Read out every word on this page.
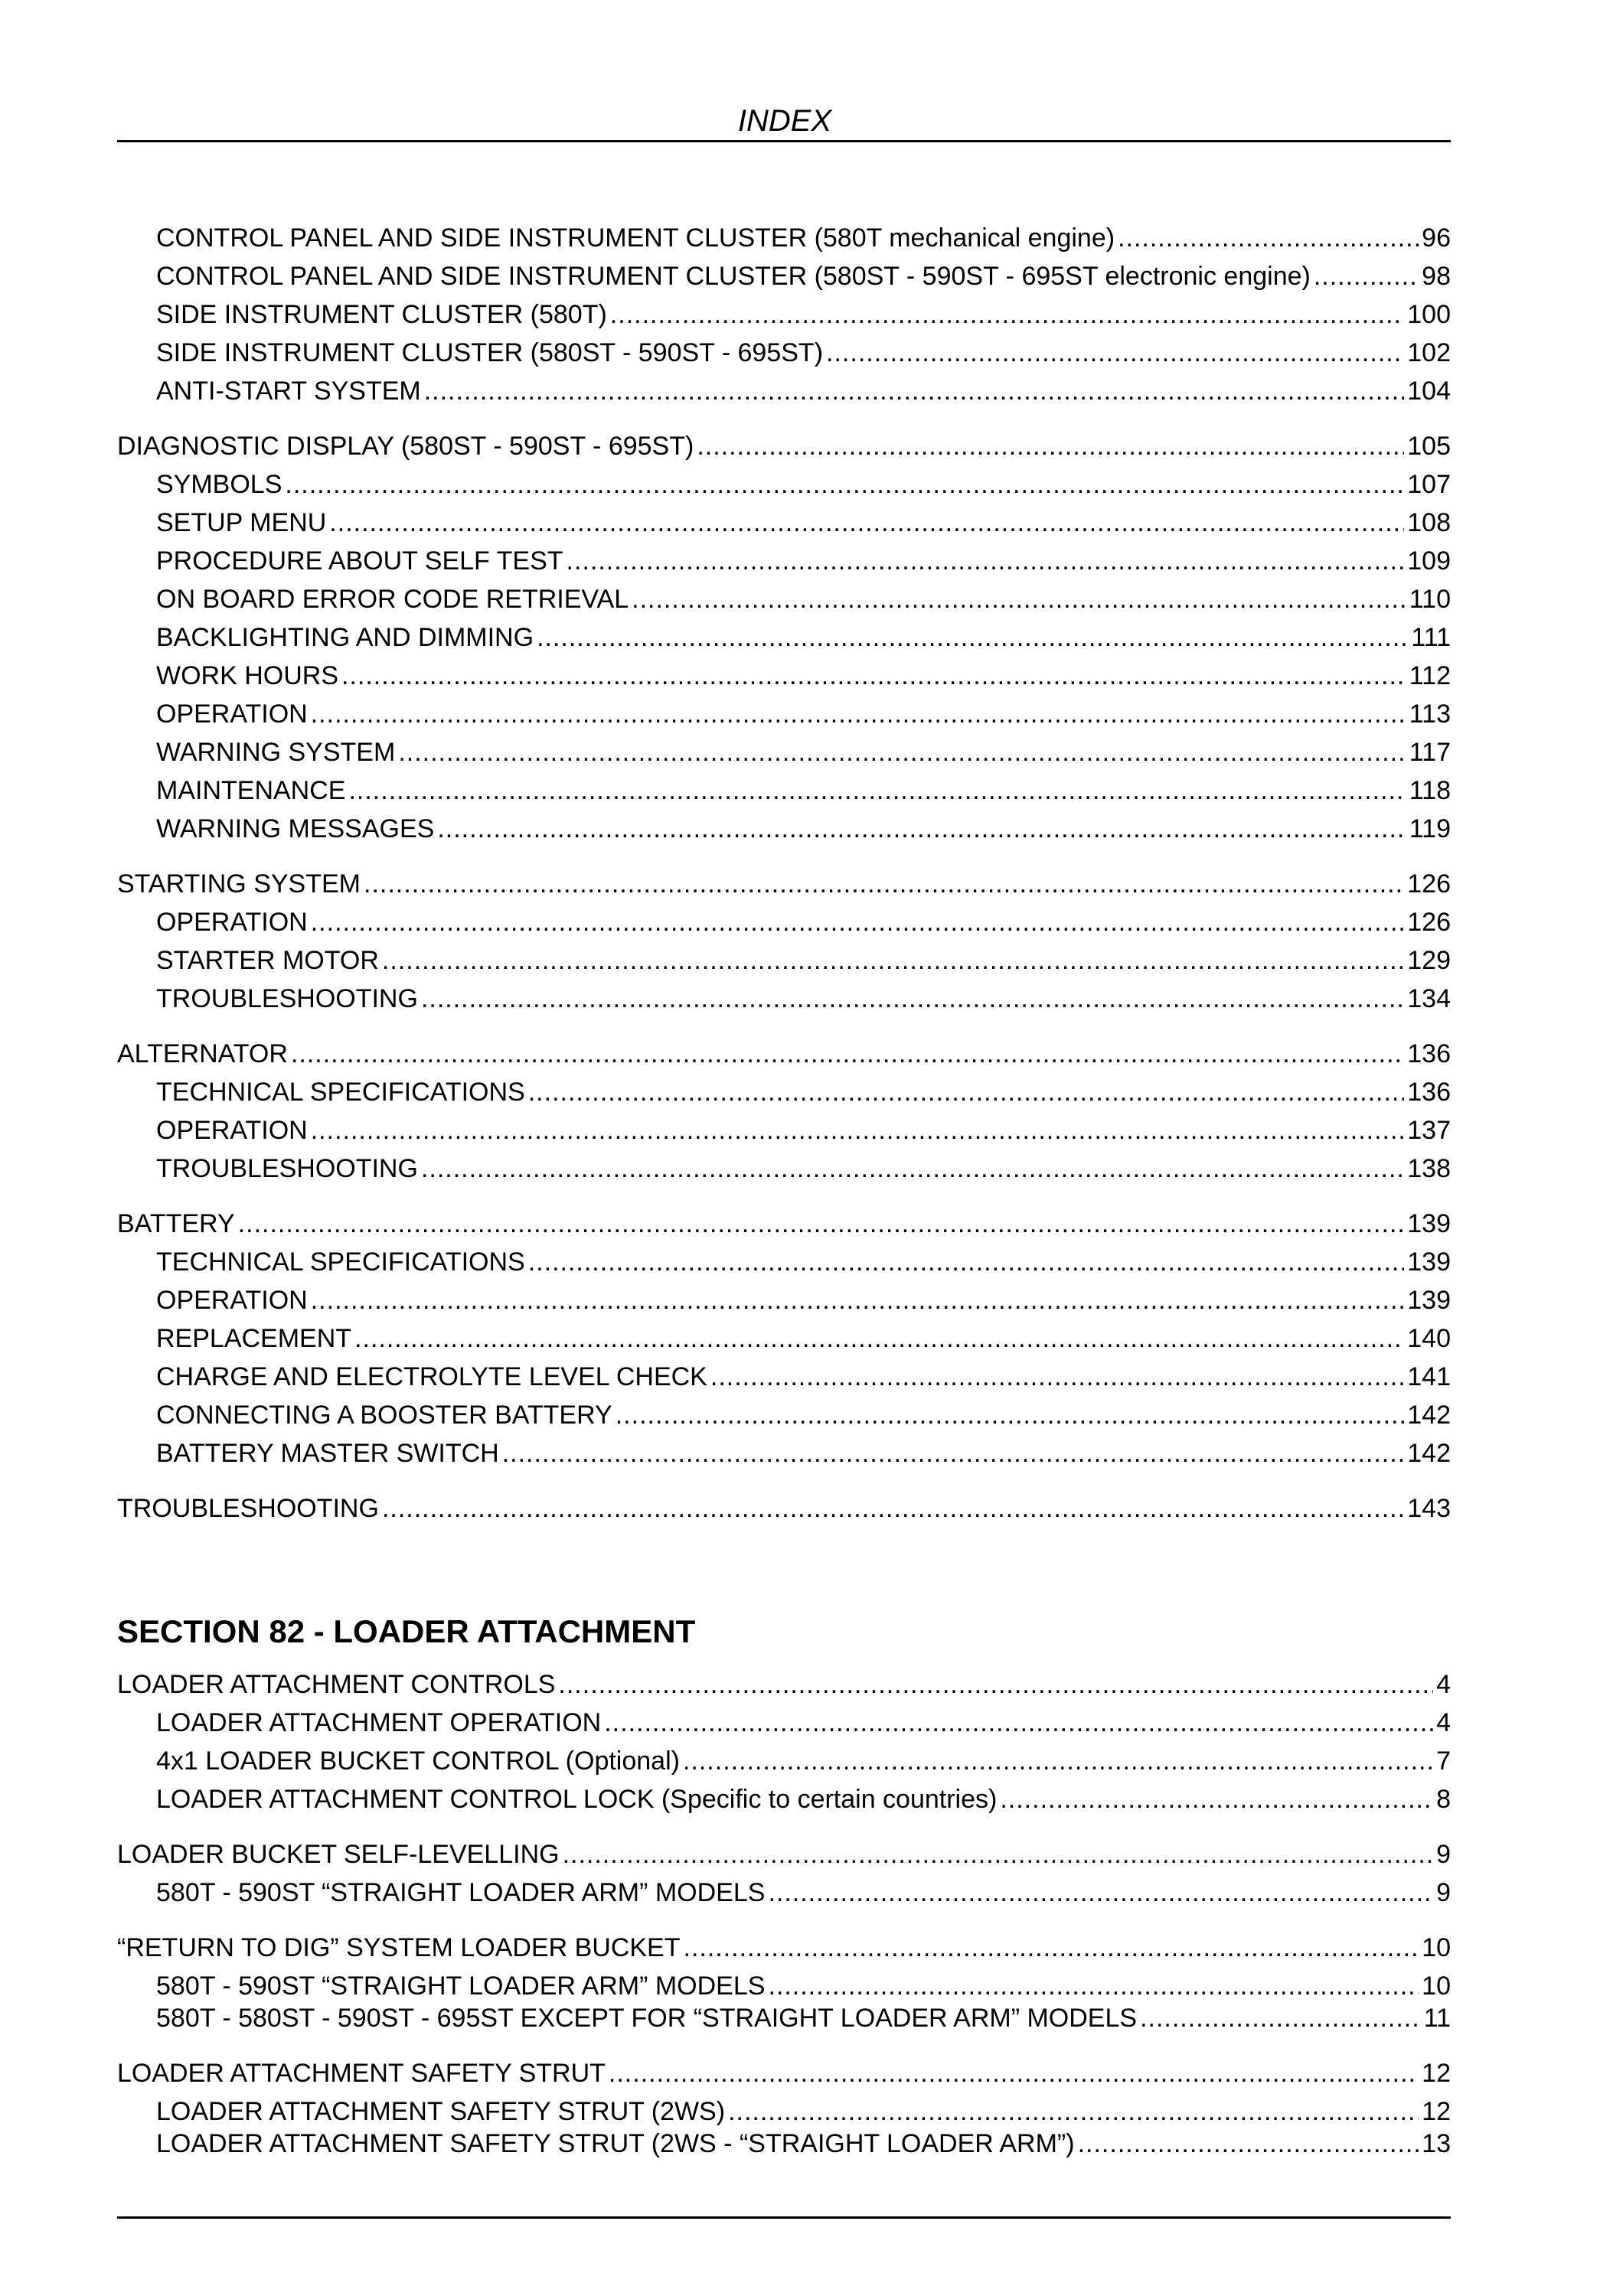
INDEX
CONTROL PANEL AND SIDE INSTRUMENT CLUSTER (580T mechanical engine) .....	96
CONTROL PANEL AND SIDE INSTRUMENT CLUSTER (580ST - 590ST - 695ST electronic engine) .....	98
SIDE INSTRUMENT CLUSTER (580T) .....	100
SIDE INSTRUMENT CLUSTER (580ST - 590ST - 695ST) .....	102
ANTI-START SYSTEM .....	104
DIAGNOSTIC DISPLAY (580ST - 590ST - 695ST) .....	105
SYMBOLS .....	107
SETUP MENU .....	108
PROCEDURE ABOUT SELF TEST .....	109
ON BOARD ERROR CODE RETRIEVAL .....	110
BACKLIGHTING AND DIMMING .....	111
WORK HOURS .....	112
OPERATION .....	113
WARNING SYSTEM .....	117
MAINTENANCE .....	118
WARNING MESSAGES .....	119
STARTING SYSTEM .....	126
OPERATION .....	126
STARTER MOTOR .....	129
TROUBLESHOOTING .....	134
ALTERNATOR .....	136
TECHNICAL SPECIFICATIONS .....	136
OPERATION .....	137
TROUBLESHOOTING .....	138
BATTERY .....	139
TECHNICAL SPECIFICATIONS .....	139
OPERATION .....	139
REPLACEMENT .....	140
CHARGE AND ELECTROLYTE LEVEL CHECK .....	141
CONNECTING A BOOSTER BATTERY .....	142
BATTERY MASTER SWITCH .....	142
TROUBLESHOOTING .....	143
LOADER ATTACHMENT CONTROLS .....	4
LOADER ATTACHMENT OPERATION .....	4
4x1 LOADER BUCKET CONTROL (Optional) .....	7
LOADER ATTACHMENT CONTROL LOCK (Specific to certain countries) .....	8
LOADER BUCKET SELF-LEVELLING .....	9
580T - 590ST “STRAIGHT LOADER ARM” MODELS .....	9
“RETURN TO DIG” SYSTEM LOADER BUCKET .....	10
580T - 590ST “STRAIGHT LOADER ARM” MODELS .....	10
580T - 580ST - 590ST - 695ST EXCEPT FOR “STRAIGHT LOADER ARM” MODELS .....	11
LOADER ATTACHMENT SAFETY STRUT .....	12
LOADER ATTACHMENT SAFETY STRUT (2WS) .....	12
LOADER ATTACHMENT SAFETY STRUT (2WS - “STRAIGHT LOADER ARM”) .....	13
SECTION 82 - LOADER ATTACHMENT
